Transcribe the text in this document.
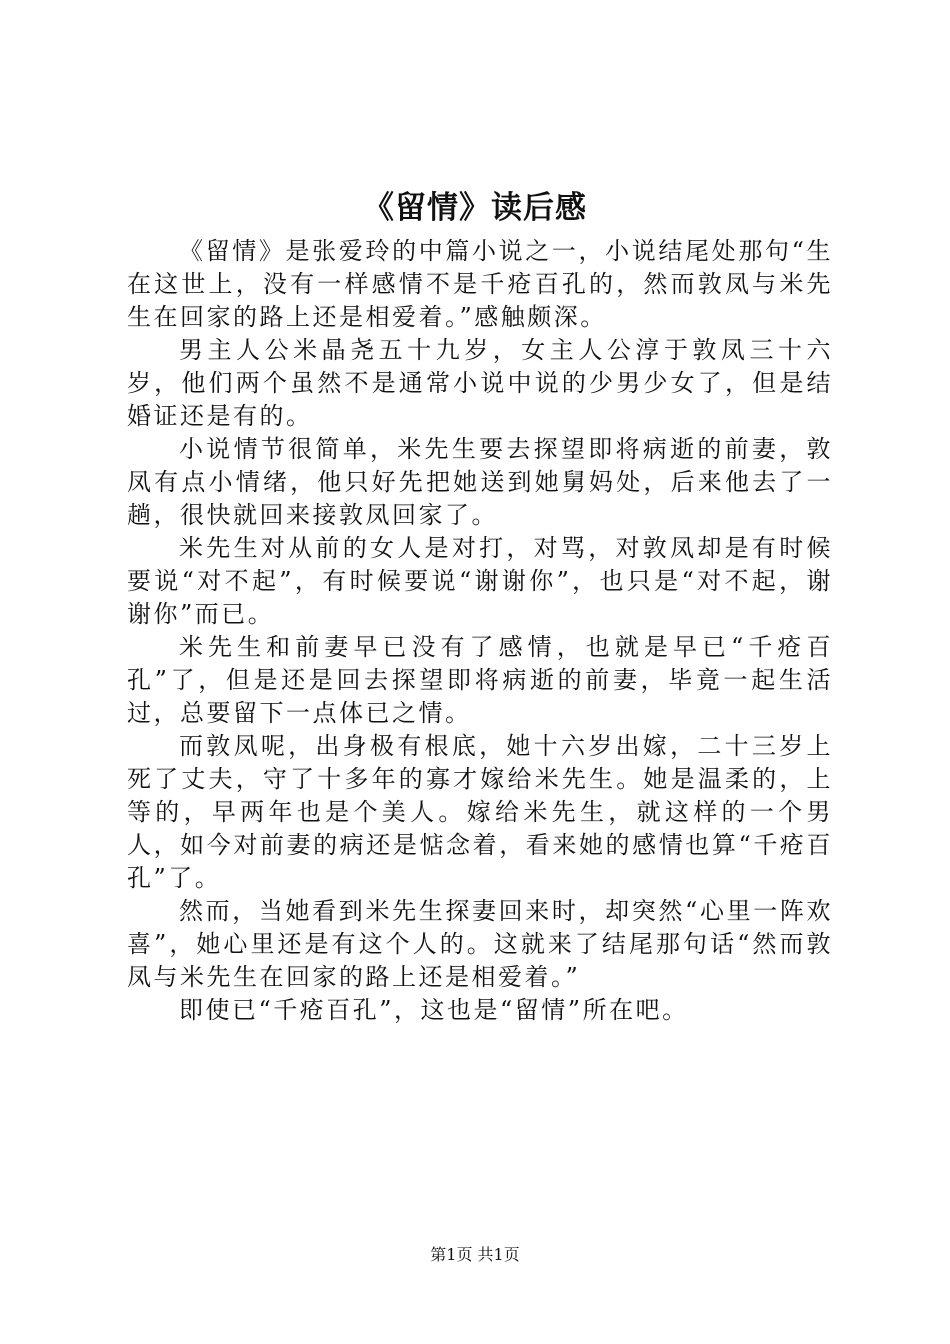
《留情》读后感

《留情》是张爱玲的中篇小说之一，小说结尾处那句“生在这世上，没有一样感情不是千疮百孔的，然而敦凤与米先生在回家的路上还是相爱着。”感触颇深。

男主人公米晶尧五十九岁，女主人公淳于敦凤三十六岁，他们两个虽然不是通常小说中说的少男少女了，但是结婚证还是有的。

小说情节很简单，米先生要去探望即将病逝的前妻，敦凤有点小情绪，他只好先把她送到她舅妈处，后来他去了一趟，很快就回来接敦凤回家了。

米先生对从前的女人是对打，对骂，对敦凤却是有时候要说“对不起”，有时候要说“谢谢你”，也只是“对不起，谢谢你”而已。

米先生和前妻早已没有了感情，也就是早已“千疮百孔”了，但是还是回去探望即将病逝的前妻，毕竟一起生活过，总要留下一点体已之情。

而敦凤呢，出身极有根底，她十六岁出嫁，二十三岁上死了丈夫，守了十多年的寡才嫁给米先生。她是温柔的，上等的，早两年也是个美人。嫁给米先生，就这样的一个男人，如今对前妻的病还是惦念着，看来她的感情也算“千疮百孔”了。

然而，当她看到米先生探妻回来时，却突然“心里一阵欢喜”，她心里还是有这个人的。这就来了结尾那句话“然而敦凤与米先生在回家的路上还是相爱着。”

即使已“千疮百孔”，这也是“留情”所在吧。

第1页 共1页
